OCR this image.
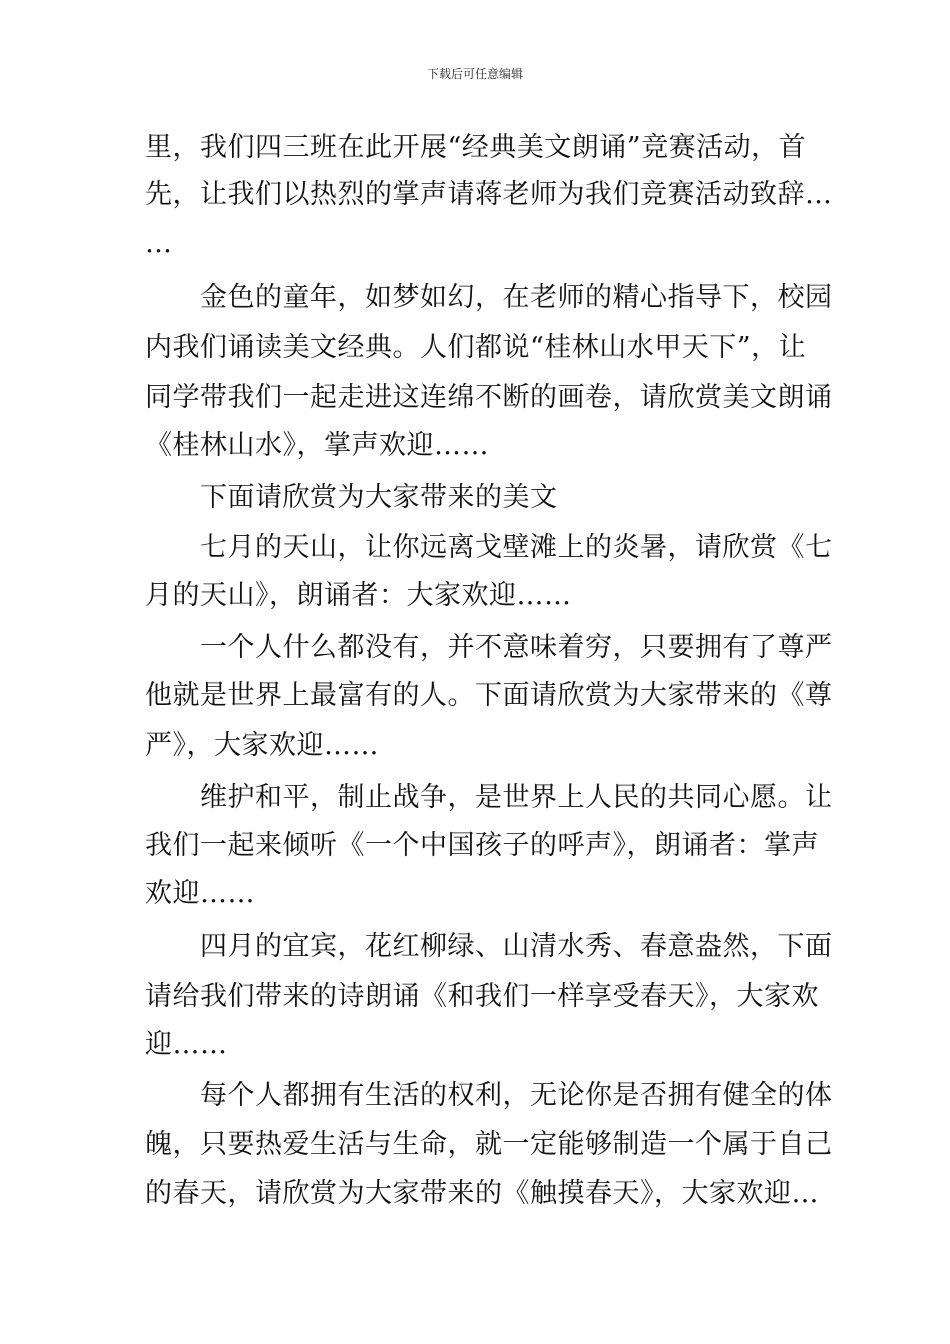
下载后可任意编辑
里，我们四三班在此开展“经典美文朗诵”竞赛活动，首
先，让我们以热烈的掌声请蒋老师为我们竞赛活动致辞…
…
金色的童年，如梦如幻，在老师的精心指导下，校园
内我们诵读美文经典。人们都说“桂林山水甲天下”，让
同学带我们一起走进这连绵不断的画卷，请欣赏美文朗诵
《桂林山水》，掌声欢迎……
下面请欣赏为大家带来的美文
七月的天山，让你远离戈壁滩上的炎暑，请欣赏《七
月的天山》，朗诵者：大家欢迎……
一个人什么都没有，并不意味着穷，只要拥有了尊严
他就是世界上最富有的人。下面请欣赏为大家带来的《尊
严》，大家欢迎……
维护和平，制止战争，是世界上人民的共同心愿。让
我们一起来倾听《一个中国孩子的呼声》，朗诵者：掌声
欢迎……
四月的宜宾，花红柳绿、山清水秀、春意盎然，下面
请给我们带来的诗朗诵《和我们一样享受春天》，大家欢
迎……
每个人都拥有生活的权利，无论你是否拥有健全的体
魄，只要热爱生活与生命，就一定能够制造一个属于自己
的春天，请欣赏为大家带来的《触摸春天》，大家欢迎…
